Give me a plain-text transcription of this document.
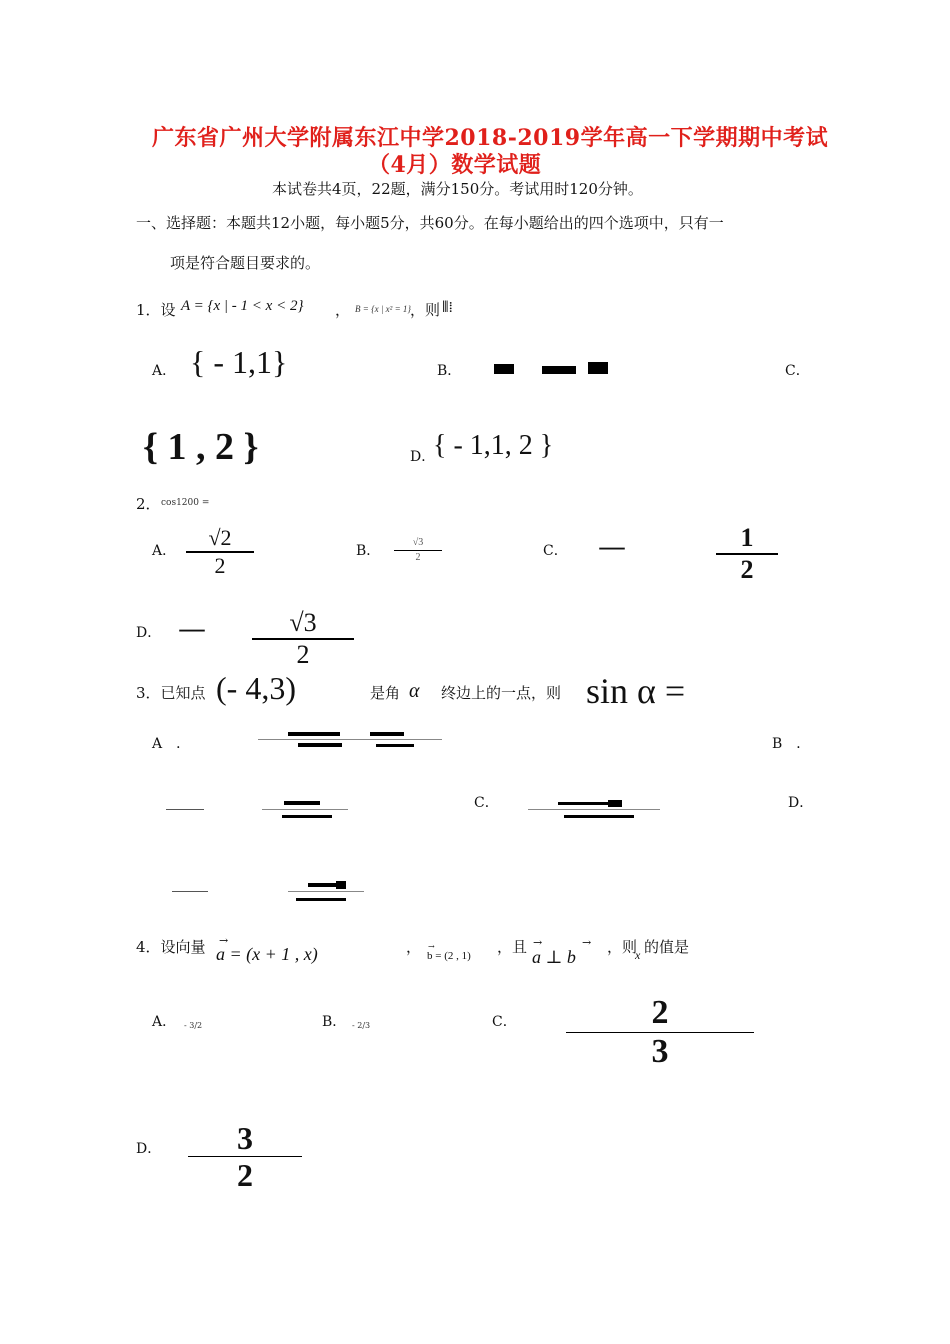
广东省广州大学附属东江中学2018-2019学年高一下学期期中考试
（4月）数学试题
本试卷共4页，22题，满分150分。考试用时120分钟。
一、选择题：本题共12小题，每小题5分，共60分。在每小题给出的四个选项中，只有一
项是符合题目要求的。
1．设 A = {x | - 1 < x < 2} ， B = {x | x² = 1}
，则 ⦀⁞
A． { - 1,1}	B．	C．
{ 1 , 2 }	D．
{ - 1,1, 2 }
2． cos1200 =
A．
√2
2
B．
√3
2	C． —	1
2
D． —	√3
2
3．已知点 (- 4,3)	是角 α 终边上的一点，则 sin α =
A　．	B　．
C．	D．
4．设向量 a = (x + 1 , x)
→	， b = (2 , 1)
→	，且 a ⊥ b
→	→ ，则
x 的值是
A． - 3/2	B． - 2/3	C．	2
3
D．	3
2
